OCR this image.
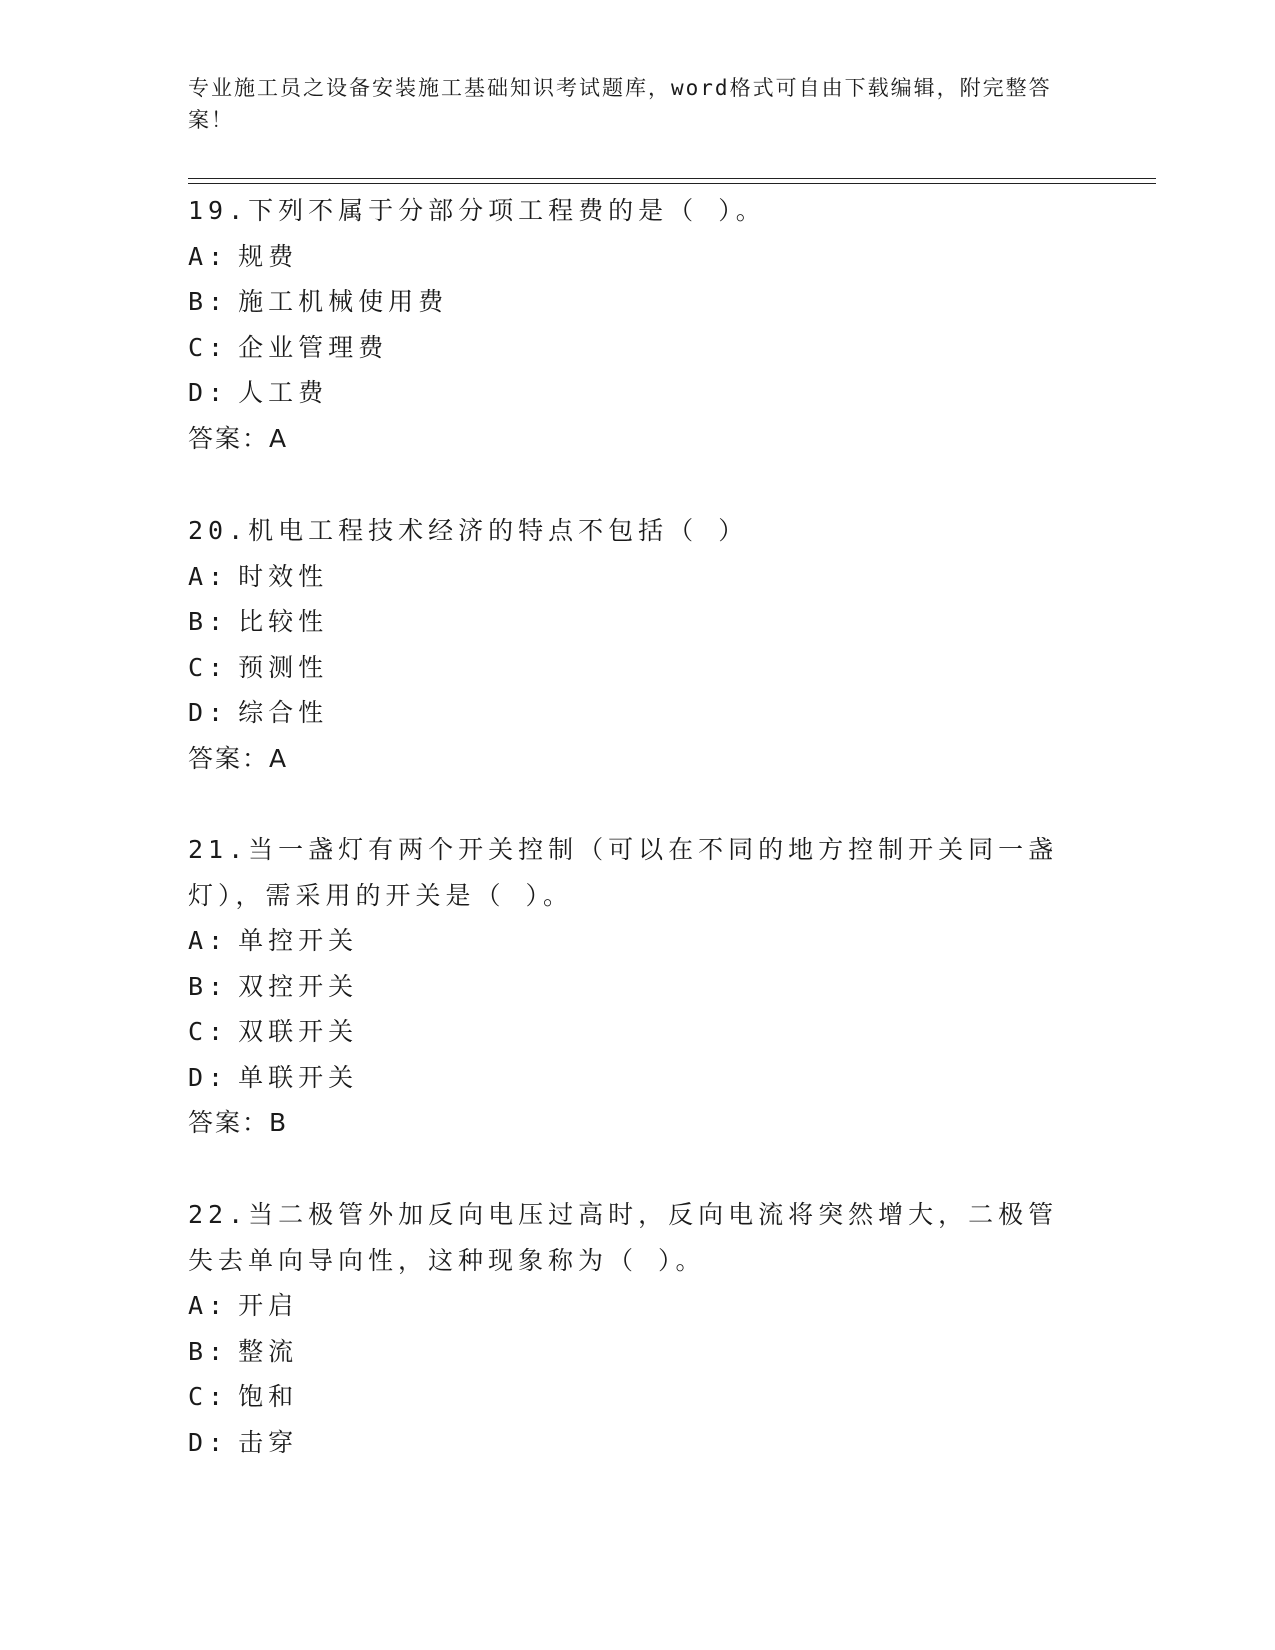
专业施工员之设备安装施工基础知识考试题库，word格式可自由下载编辑，附完整答案！

19.下列不属于分部分项工程费的是（ ）。

A: 规费

B: 施工机械使用费

C: 企业管理费

D: 人工费

答案：A

20.机电工程技术经济的特点不包括（ ）

A: 时效性

B: 比较性

C: 预测性

D: 综合性

答案：A

21.当一盏灯有两个开关控制（可以在不同的地方控制开关同一盏灯），需采用的开关是（ ）。

A: 单控开关

B: 双控开关

C: 双联开关

D: 单联开关

答案：B

22.当二极管外加反向电压过高时，反向电流将突然增大，二极管失去单向导向性，这种现象称为（ ）。

A: 开启

B: 整流

C: 饱和

D: 击穿
